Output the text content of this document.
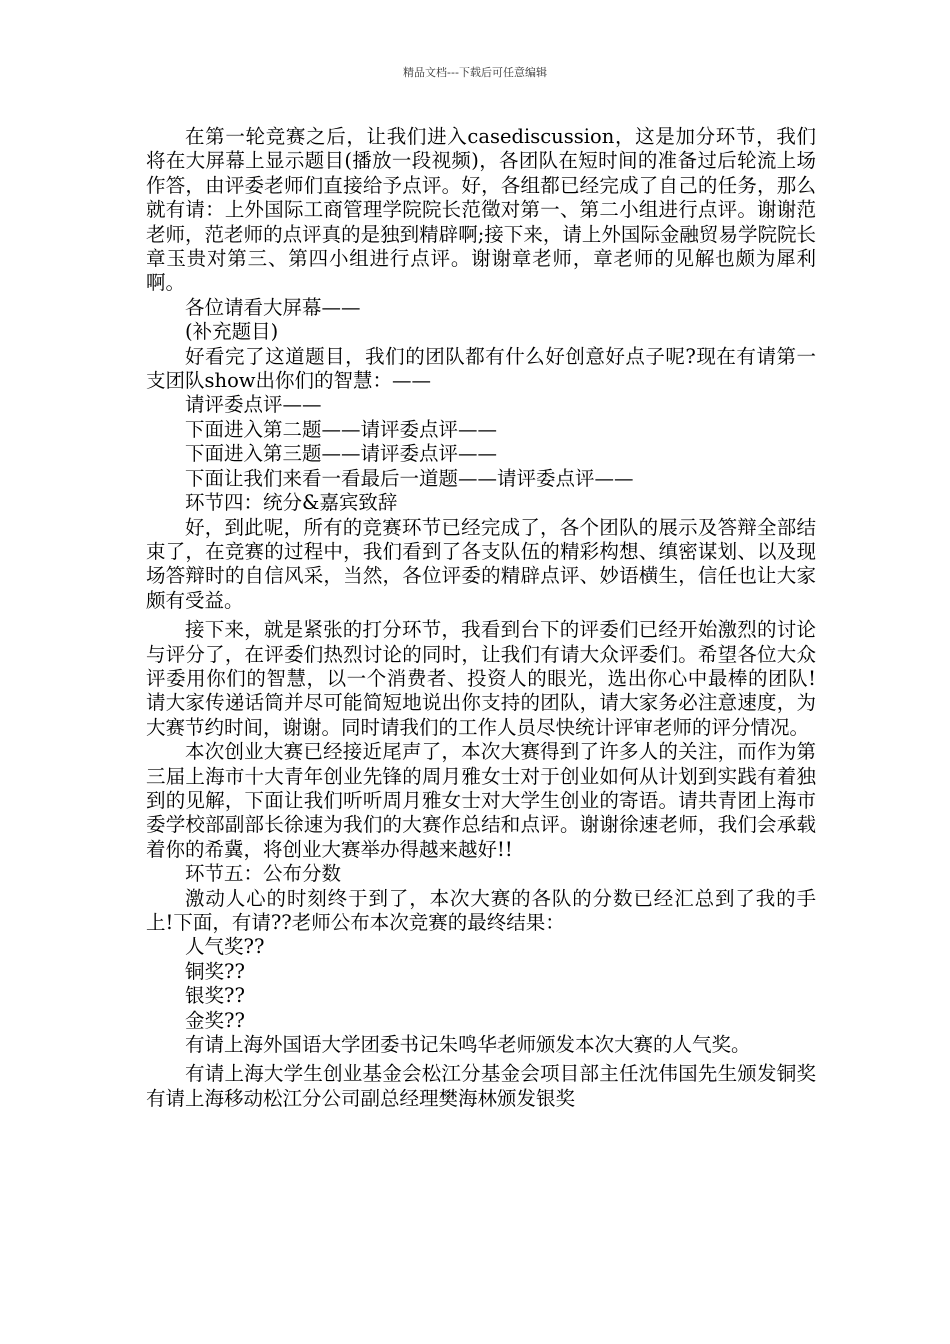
精品文档---下载后可任意编辑

在第一轮竞赛之后，让我们进入casediscussion，这是加分环节，我们将在大屏幕上显示题目(播放一段视频)，各团队在短时间的准备过后轮流上场作答，由评委老师们直接给予点评。好，各组都已经完成了自己的任务，那么就有请：上外国际工商管理学院院长范徵对第一、第二小组进行点评。谢谢范老师，范老师的点评真的是独到精辟啊;接下来，请上外国际金融贸易学院院长章玉贵对第三、第四小组进行点评。谢谢章老师，章老师的见解也颇为犀利啊。

各位请看大屏幕——

(补充题目)

好看完了这道题目，我们的团队都有什么好创意好点子呢?现在有请第一支团队show出你们的智慧：——

请评委点评——

下面进入第二题——请评委点评——

下面进入第三题——请评委点评——

下面让我们来看一看最后一道题——请评委点评——

环节四：统分&嘉宾致辞

好，到此呢，所有的竞赛环节已经完成了，各个团队的展示及答辩全部结束了，在竞赛的过程中，我们看到了各支队伍的精彩构想、缜密谋划、以及现场答辩时的自信风采，当然，各位评委的精辟点评、妙语横生，信任也让大家颇有受益。

接下来，就是紧张的打分环节，我看到台下的评委们已经开始激烈的讨论与评分了，在评委们热烈讨论的同时，让我们有请大众评委们。希望各位大众评委用你们的智慧，以一个消费者、投资人的眼光，选出你心中最棒的团队!请大家传递话筒并尽可能简短地说出你支持的团队，请大家务必注意速度，为大赛节约时间，谢谢。同时请我们的工作人员尽快统计评审老师的评分情况。

本次创业大赛已经接近尾声了，本次大赛得到了许多人的关注，而作为第三届上海市十大青年创业先锋的周月雅女士对于创业如何从计划到实践有着独到的见解，下面让我们听听周月雅女士对大学生创业的寄语。请共青团上海市委学校部副部长徐速为我们的大赛作总结和点评。谢谢徐速老师，我们会承载着你的希冀，将创业大赛举办得越来越好!!

环节五：公布分数

激动人心的时刻终于到了，本次大赛的各队的分数已经汇总到了我的手上!下面，有请??老师公布本次竞赛的最终结果：

人气奖??

铜奖??

银奖??

金奖??

有请上海外国语大学团委书记朱鸣华老师颁发本次大赛的人气奖。

有请上海大学生创业基金会松江分基金会项目部主任沈伟国先生颁发铜奖有请上海移动松江分公司副总经理樊海林颁发银奖
